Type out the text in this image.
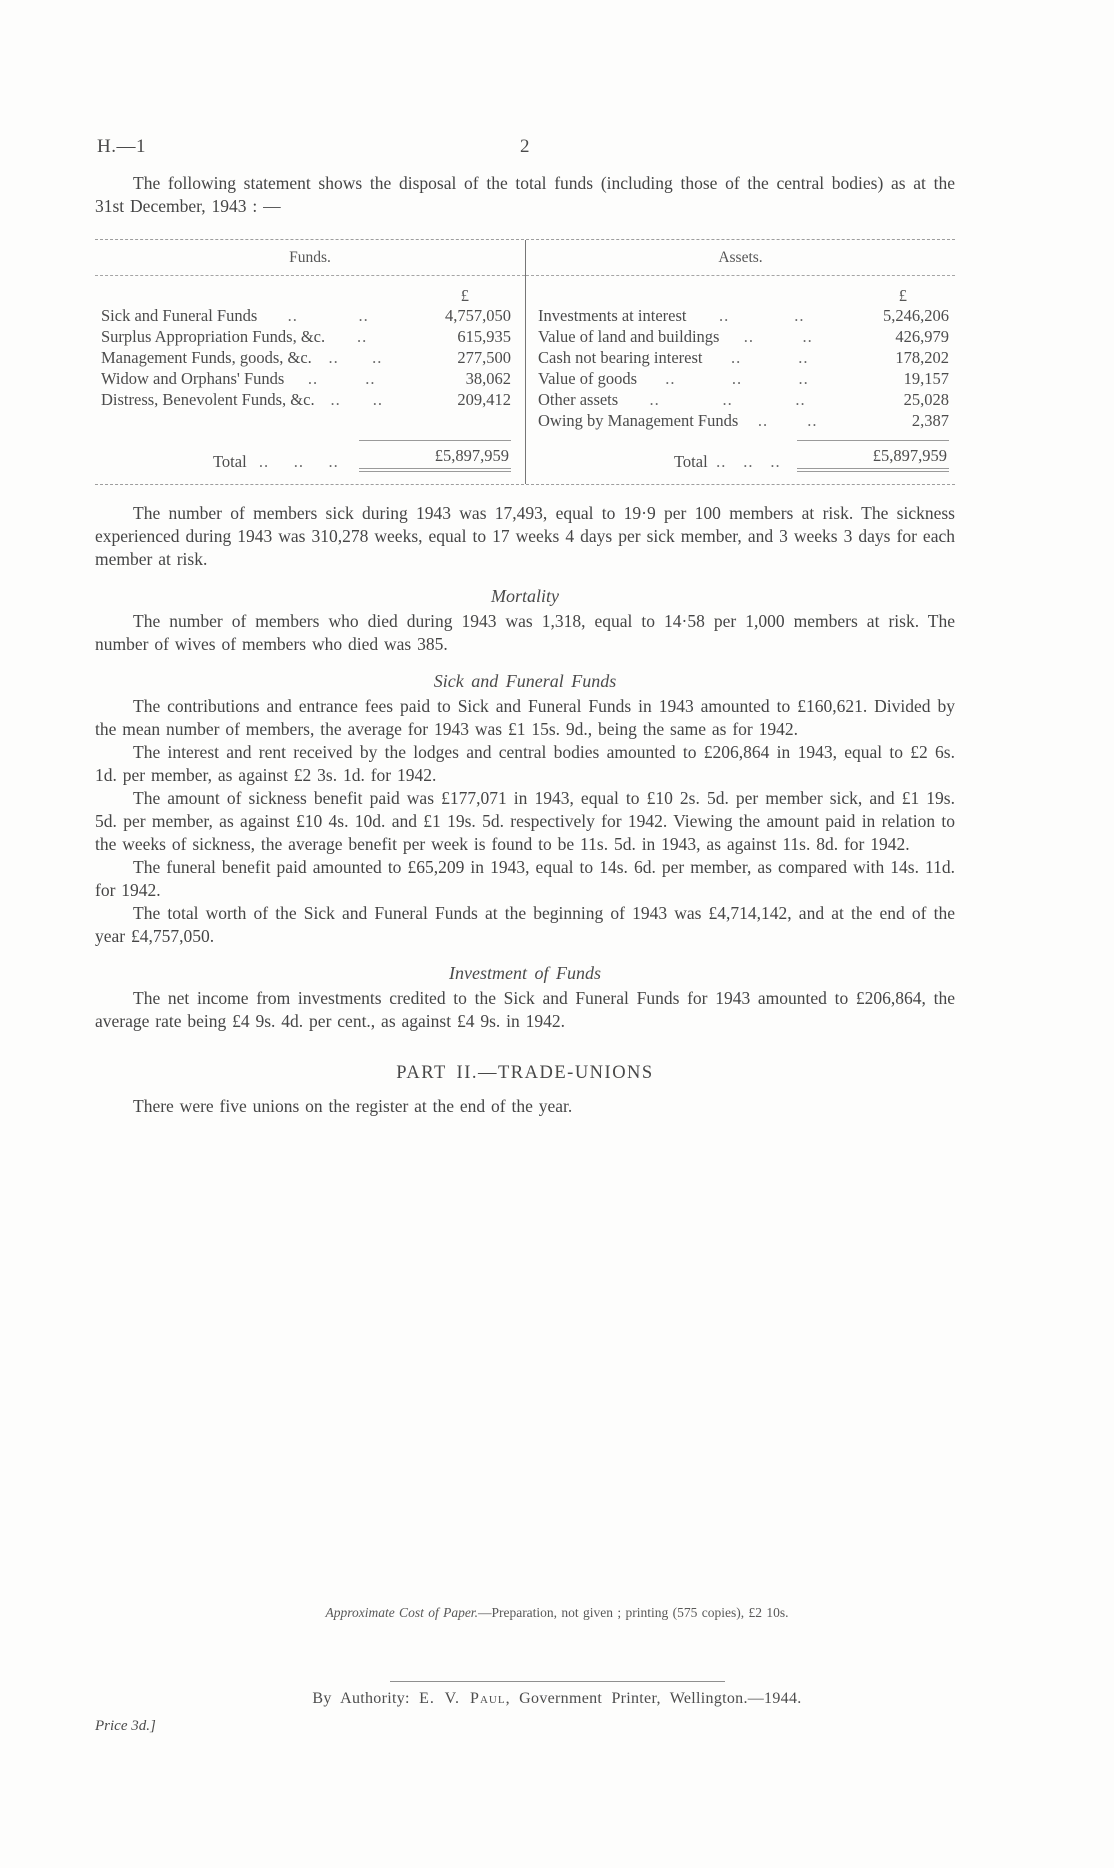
H.—1	2

The following statement shows the disposal of the total funds (including those of the central bodies) as at the 31st December, 1943 : —

Funds.
£
Sick and Funeral Funds .. ..	4,757,050
Surplus Appropriation Funds, &c. ..	615,935
Management Funds, goods, &c. .. ..	277,500
Widow and Orphans' Funds .. ..	38,062
Distress, Benevolent Funds, &c. .. ..	209,412
Total .. .. ..	£5,897,959
Assets.
£
Investments at interest .. ..	5,246,206
Value of land and buildings .. ..	426,979
Cash not bearing interest .. ..	178,202
Value of goods .. .. ..	19,157
Other assets .. .. ..	25,028
Owing by Management Funds .. ..	2,387
Total .. .. ..	£5,897,959

The number of members sick during 1943 was 17,493, equal to 19·9 per 100 members at risk. The sickness experienced during 1943 was 310,278 weeks, equal to 17 weeks 4 days per sick member, and 3 weeks 3 days for each member at risk.

Mortality

The number of members who died during 1943 was 1,318, equal to 14·58 per 1,000 members at risk. The number of wives of members who died was 385.

Sick and Funeral Funds

The contributions and entrance fees paid to Sick and Funeral Funds in 1943 amounted to £160,621. Divided by the mean number of members, the average for 1943 was £1 15s. 9d., being the same as for 1942.

The interest and rent received by the lodges and central bodies amounted to £206,864 in 1943, equal to £2 6s. 1d. per member, as against £2 3s. 1d. for 1942.

The amount of sickness benefit paid was £177,071 in 1943, equal to £10 2s. 5d. per member sick, and £1 19s. 5d. per member, as against £10 4s. 10d. and £1 19s. 5d. respectively for 1942. Viewing the amount paid in relation to the weeks of sickness, the average benefit per week is found to be 11s. 5d. in 1943, as against 11s. 8d. for 1942.

The funeral benefit paid amounted to £65,209 in 1943, equal to 14s. 6d. per member, as compared with 14s. 11d. for 1942.

The total worth of the Sick and Funeral Funds at the beginning of 1943 was £4,714,142, and at the end of the year £4,757,050.

Investment of Funds

The net income from investments credited to the Sick and Funeral Funds for 1943 amounted to £206,864, the average rate being £4 9s. 4d. per cent., as against £4 9s. in 1942.

PART II.—TRADE-UNIONS

There were five unions on the register at the end of the year.

Approximate Cost of Paper.—Preparation, not given ; printing (575 copies), £2 10s.
By Authority: E. V. Paul, Government Printer, Wellington.—1944.
Price 3d.]
